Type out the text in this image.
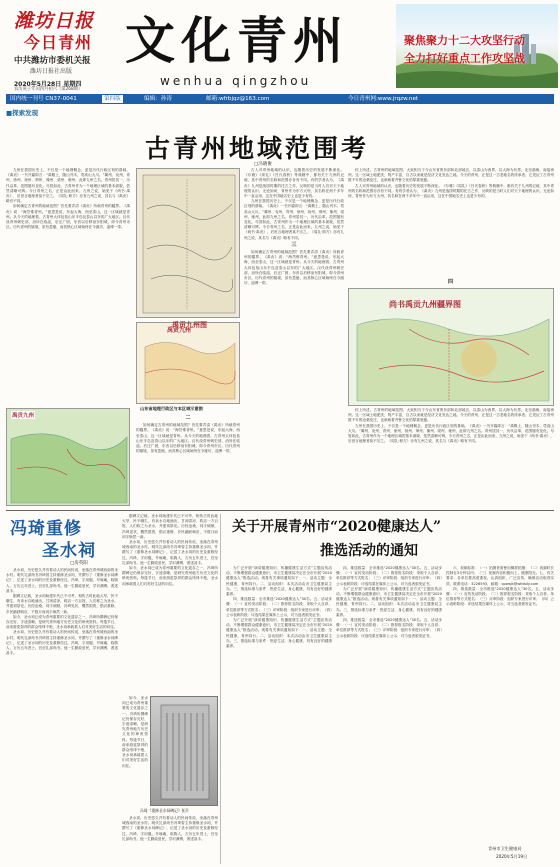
潍坊日报
今日青州
中共潍坊市委机关报
潍坊日报社出版
2020年5月28日 星期四
农历庚子年闰四月初六（第268期）
文化青州
wenhua qingzhou
聚焦聚力十二大攻坚行动
全力打好重点工作攻坚战
国内统一刊号 CN37-0041	第四版	编辑：孙涛	邮箱:wfrbjqz@163.com	今日青州网:www.jrqzw.net
■探索发现
古青州地域范围考
□冯晓俊

九州在我国历史上，不仅是一个地理概念，更是历代行政区划的基础。《禹贡》一书开篇即言：“禹敷土，随山刊木，奠高山大川。”冀州、兖州、青州、徐州、扬州、荆州、豫州、梁州、雍州，此即九州之名。青州居其一，历代沿革，范围屡有变化。尽管如此，古青州作为一个地理区域的基本面貌，依然清晰可辨。今日青州之名，正是由此而来。九州之说，始见于《尚书·禹贡》，后世言地理者莫不宗之。《周礼·职方》亦有九州之说，其名与《禹贡》略有不同。

如何确定古青州的地域范围？首先要弄清《禹贡》所载青州的疆界。《禹贡》说：“海岱惟青州。”意思是说，东起大海，西至泰山，这一区域就是青州。从今天的地理看，古青州大体包括山东半岛及泰山以东的广大地区。汉代设青州刺史部，治所在临淄，后迁广固，东晋以后移治东阳城，即今青州市区。历代青州的辖境，虽有盈缩，而其核心区域始终在今潍坊、淄博一带。

禹贡九州
山东省地理行政区与本区域示意图
二

如何确定古青州的地域范围？首先要弄清《禹贡》所载青州的疆界。《禹贡》说：“海岱惟青州。”意思是说，东起大海，西至泰山，这一区域就是青州。从今天的地理看，古青州大体包括山东半岛及泰山以东的广大地区。汉代设青州刺史部，治所在临淄，后迁广固，东晋以后移治东阳城，即今青州市区。历代青州的辖境，虽有盈缩，而其核心区域始终在今潍坊、淄博一带。

古人对青州地域的认识，也随着历史的发展不断深化。《尔雅》《周礼》《吕氏春秋》等典籍中，都有关于九州的记载，其中青州的名称和范围亦各有不同。有的学者认为，《禹贡》九州是战国时期的托古之作，反映的是当时人们对天下地理的认识。无论如何，青州作为东方大州，其名称在两千多年中一直沿用，这在中国地名史上也是少有的。

九州在我国历史上，不仅是一个地理概念，更是历代行政区划的基础。《禹贡》一书开篇即言：“禹敷土，随山刊木，奠高山大川。”冀州、兖州、青州、徐州、扬州、荆州、豫州、梁州、雍州，此即九州之名。青州居其一，历代沿革，范围屡有变化。尽管如此，古青州作为一个地理区域的基本面貌，依然清晰可辨。今日青州之名，正是由此而来。九州之说，始见于《尚书·禹贡》，后世言地理者莫不宗之。《周礼·职方》亦有九州之说，其名与《禹贡》略有不同。

三

如何确定古青州的地域范围？首先要弄清《禹贡》所载青州的疆界。《禹贡》说：“海岱惟青州。”意思是说，东起大海，西至泰山，这一区域就是青州。从今天的地理看，古青州大体包括山东半岛及泰山以东的广大地区。汉代设青州刺史部，治所在临淄，后迁广固，东晋以后移治东阳城，即今青州市区。历代青州的辖境，虽有盈缩，而其核心区域始终在今潍坊、淄博一带。

综上所述，古青州的地域范围，大致相当于今山东省的东部和北部地区，以泰山为西界，以大海为东界，北至渤海，南接徐州。这一区域土地肥沃，物产丰富，自古以来就是经济文化发达之地。今天的青州，正是这一古老地名的传承者，它见证了古青州数千年的沧桑变迁，也承载着齐鲁文化的厚重底蕴。

古人对青州地域的认识，也随着历史的发展不断深化。《尔雅》《周礼》《吕氏春秋》等典籍中，都有关于九州的记载，其中青州的名称和范围亦各有不同。有的学者认为，《禹贡》九州是战国时期的托古之作，反映的是当时人们对天下地理的认识。无论如何，青州作为东方大州，其名称在两千多年中一直沿用，这在中国地名史上也是少有的。

四
尚书禹贡九州疆界图
禹贡九州图
禹贡九州

综上所述，古青州的地域范围，大致相当于今山东省的东部和北部地区，以泰山为西界，以大海为东界，北至渤海，南接徐州。这一区域土地肥沃，物产丰富，自古以来就是经济文化发达之地。今天的青州，正是这一古老地名的传承者，它见证了古青州数千年的沧桑变迁，也承载着齐鲁文化的厚重底蕴。

九州在我国历史上，不仅是一个地理概念，更是历代行政区划的基础。《禹贡》一书开篇即言：“禹敷土，随山刊木，奠高山大川。”冀州、兖州、青州、徐州、扬州、荆州、豫州、梁州、雍州，此即九州之名。青州居其一，历代沿革，范围屡有变化。尽管如此，古青州作为一个地理区域的基本面貌，依然清晰可辨。今日青州之名，正是由此而来。九州之说，始见于《尚书·禹贡》，后世言地理者莫不宗之。《周礼·职方》亦有九州之说，其名与《禹贡》略有不同。

冯琦重修
圣水祠
□房英阳

圣水祠，历史悠久并有着动人的民间传说，坐落在青州城西南的圣水村。明代礼部尚书冯琦曾主持重修圣水祠，并撰写了《重修圣水祠碑记》，记述了圣水祠的历史及重修经过。冯琦，字用韫，号琢庵，临朐人，万历五年进士，官至礼部尚书。他一生勤政爱民，学识渊博，著述甚丰。

据碑文记载，圣水祠始建年代已不可考，相传古时此地大旱，民不聊生，有泉水自地涌出，甘冽清凉，救活一方百姓，人们称之为圣水，并建祠祭祀。历经沧桑，祠宇倾颓，冯琦见状，慨然捐资，倡议重修，乡民踊跃响应，不数月而祠宇焕然一新。

如今，圣水祠已成为青州重要的文化遗存之一，冯琦所撰碑记仍保存完好，字迹清晰，是研究青州地方历史文化的珍贵资料。每逢节日，前来游览祭拜的群众络绎不绝，圣水祠承载着人们对美好生活的向往。

圣水祠，历史悠久并有着动人的民间传说，坐落在青州城西南的圣水村。明代礼部尚书冯琦曾主持重修圣水祠，并撰写了《重修圣水祠碑记》，记述了圣水祠的历史及重修经过。冯琦，字用韫，号琢庵，临朐人，万历五年进士，官至礼部尚书。他一生勤政爱民，学识渊博，著述甚丰。

据碑文记载，圣水祠始建年代已不可考，相传古时此地大旱，民不聊生，有泉水自地涌出，甘冽清凉，救活一方百姓，人们称之为圣水，并建祠祭祀。历经沧桑，祠宇倾颓，冯琦见状，慨然捐资，倡议重修，乡民踊跃响应，不数月而祠宇焕然一新。

圣水祠，历史悠久并有着动人的民间传说，坐落在青州城西南的圣水村。明代礼部尚书冯琦曾主持重修圣水祠，并撰写了《重修圣水祠碑记》，记述了圣水祠的历史及重修经过。冯琦，字用韫，号琢庵，临朐人，万历五年进士，官至礼部尚书。他一生勤政爱民，学识渊博，著述甚丰。

如今，圣水祠已成为青州重要的文化遗存之一，冯琦所撰碑记仍保存完好，字迹清晰，是研究青州地方历史文化的珍贵资料。每逢节日，前来游览祭拜的群众络绎不绝，圣水祠承载着人们对美好生活的向往。

冯琦《重修圣水祠碑记》拓片

如今，圣水祠已成为青州重要的文化遗存之一，冯琦所撰碑记仍保存完好，字迹清晰，是研究青州地方历史文化的珍贵资料。每逢节日，前来游览祭拜的群众络绎不绝，圣水祠承载着人们对美好生活的向往。

圣水祠，历史悠久并有着动人的民间传说，坐落在青州城西南的圣水村。明代礼部尚书冯琦曾主持重修圣水祠，并撰写了《重修圣水祠碑记》，记述了圣水祠的历史及重修经过。冯琦，字用韫，号琢庵，临朐人，万历五年进士，官至礼部尚书。他一生勤政爱民，学识渊博，著述甚丰。

关于开展青州市“2020健康达人”
推选活动的通知

为广泛开展“演讲健康知识、传播健康生活方式”主题宣传活动，不断增强群众健康意识，市卫生健康局决定在全市开展“2020健康达人”推选活动。现将有关事项通知如下：一、活动主题：全民健康，青州同行。二、活动组织：本次活动由市卫生健康局主办。三、推选标准与条件：热爱生活，身心健康，具有良好的健康素养。

四、推选数量：全市推选“2020健康达人”30名。五、活动步骤：（一）宣传发动阶段；（二）推荐报名阶段：采取个人自荐、单位推荐等方式报名；（三）评审阶段：组织专家进行评审；（四）公示表彰阶段：评选结果在媒体上公示，对当选者颁发证书。

为广泛开展“演讲健康知识、传播健康生活方式”主题宣传活动，不断增强群众健康意识，市卫生健康局决定在全市开展“2020健康达人”推选活动。现将有关事项通知如下：一、活动主题：全民健康，青州同行。二、活动组织：本次活动由市卫生健康局主办。三、推选标准与条件：热爱生活，身心健康，具有良好的健康素养。

四、推选数量：全市推选“2020健康达人”30名。五、活动步骤：（一）宣传发动阶段；（二）推荐报名阶段：采取个人自荐、单位推荐等方式报名；（三）评审阶段：组织专家进行评审；（四）公示表彰阶段：评选结果在媒体上公示，对当选者颁发证书。

为广泛开展“演讲健康知识、传播健康生活方式”主题宣传活动，不断增强群众健康意识，市卫生健康局决定在全市开展“2020健康达人”推选活动。现将有关事项通知如下：一、活动主题：全民健康，青州同行。二、活动组织：本次活动由市卫生健康局主办。三、推选标准与条件：热爱生活，身心健康，具有良好的健康素养。

四、推选数量：全市推选“2020健康达人”30名。五、活动步骤：（一）宣传发动阶段；（二）推荐报名阶段：采取个人自荐、单位推荐等方式报名；（三）评审阶段：组织专家进行评审；（四）公示表彰阶段：评选结果在媒体上公示，对当选者颁发证书。

六、视频标准：（一）拍摄者需使用横屏拍摄；（二）视频时长控制在3分钟以内；（三）视频内容积极向上，健康阳光。七、有关要求：各单位要高度重视，认真组织，广泛宣传，确保活动取得实效。联系电话：3226593，邮箱：qzwsjk@wfdaily.com

四、推选数量：全市推选“2020健康达人”30名。五、活动步骤：（一）宣传发动阶段；（二）推荐报名阶段：采取个人自荐、单位推荐等方式报名；（三）评审阶段：组织专家进行评审；（四）公示表彰阶段：评选结果在媒体上公示，对当选者颁发证书。

青州市卫生健康局
2020年5月19日
